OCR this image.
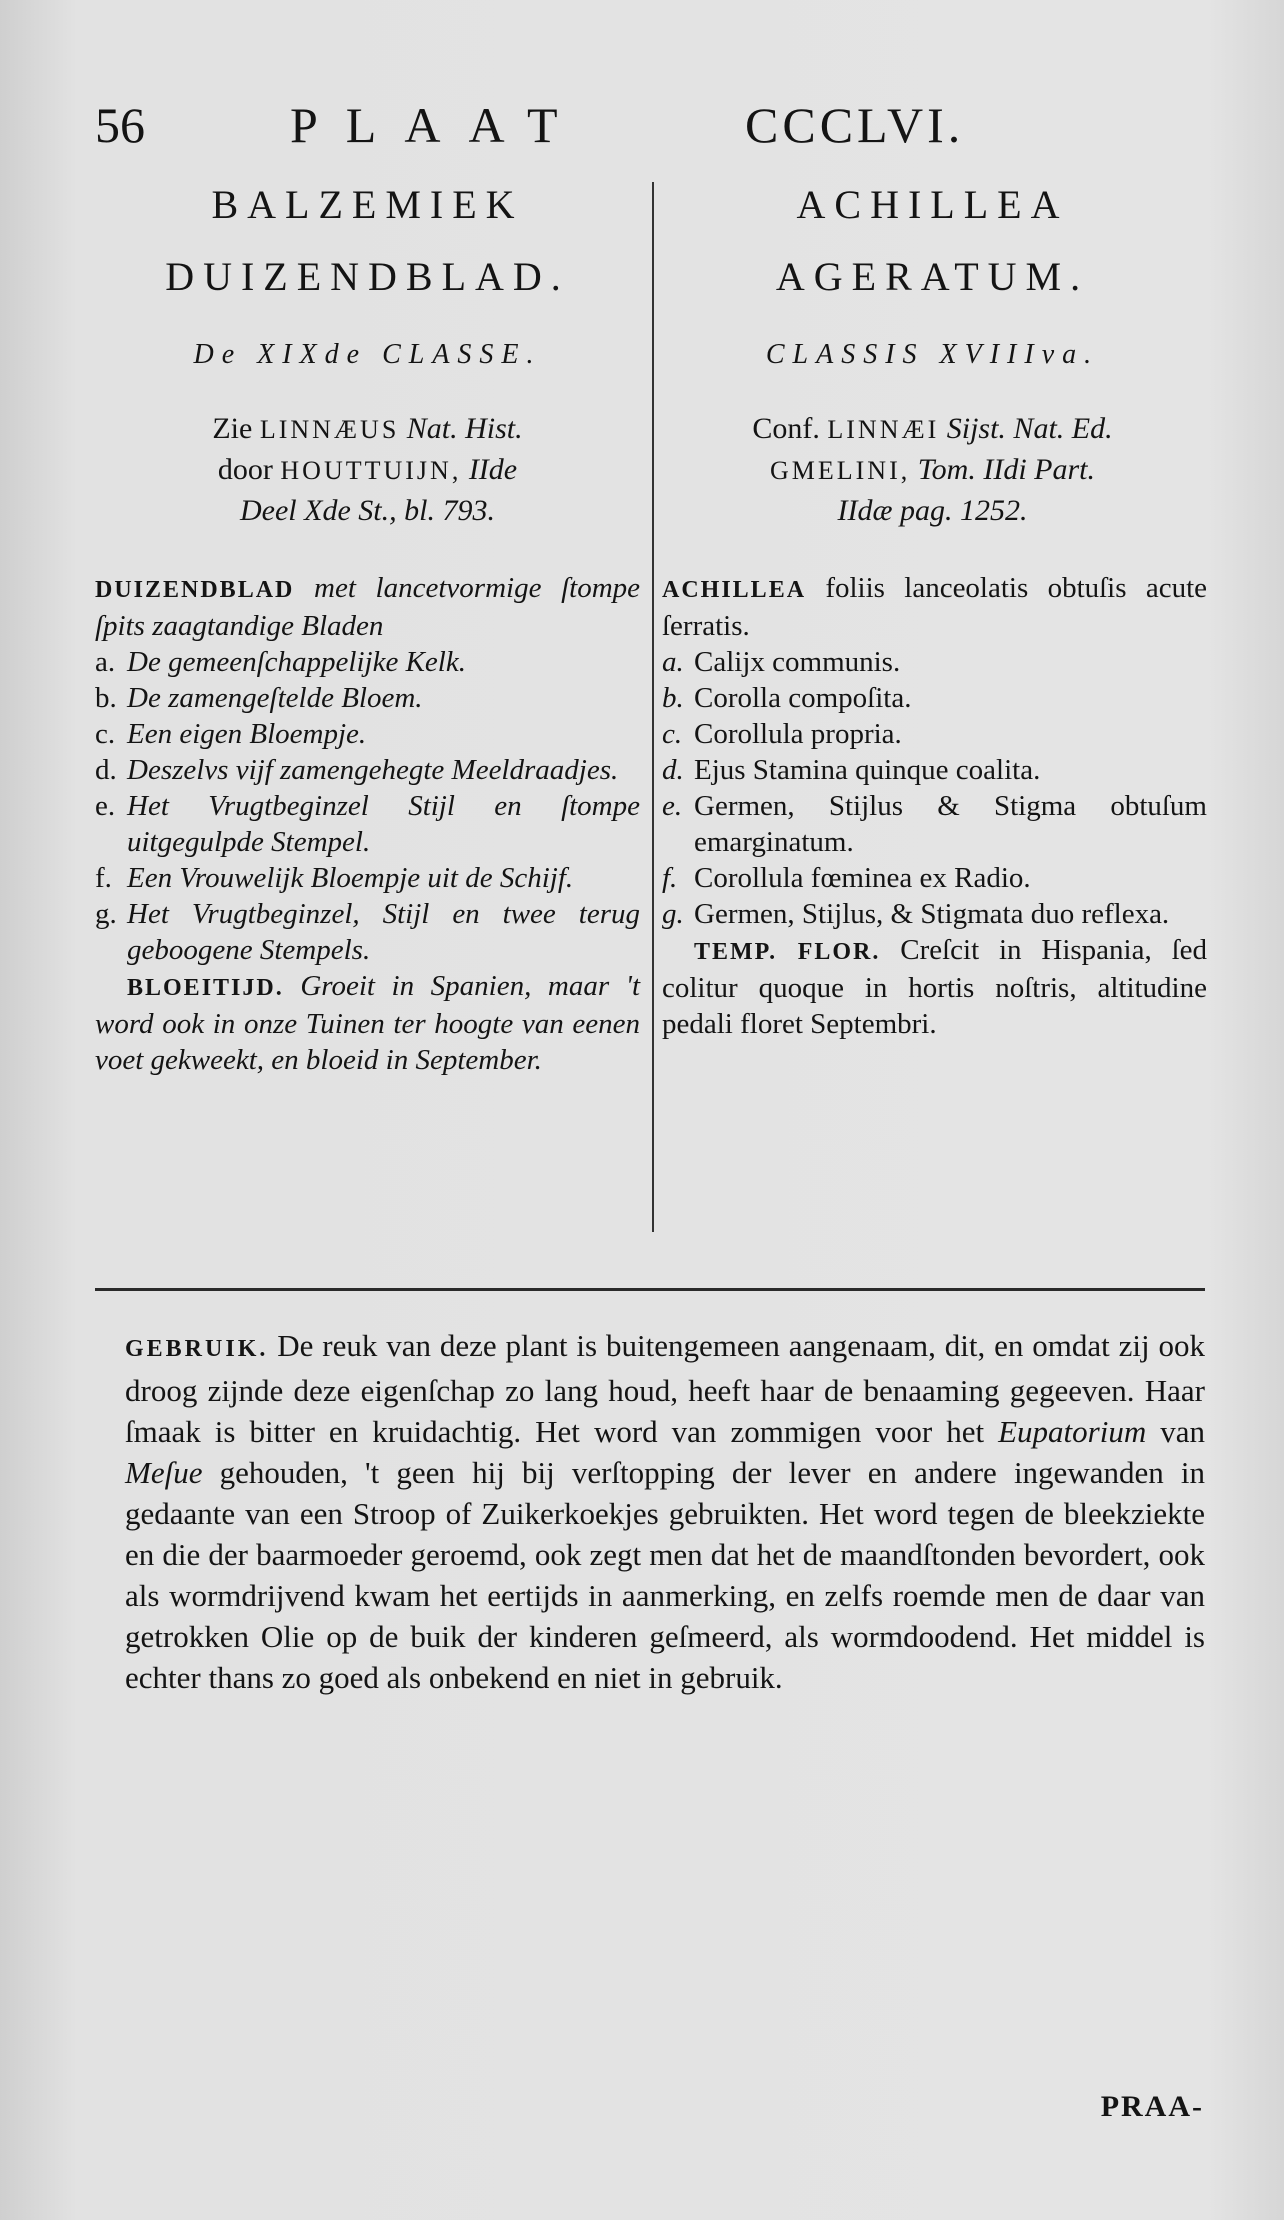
56	PLAAT	CCCLVI.
BALZEMIEK
DUIZENDBLAD.
De XIXde CLASSE.
Zie LINNÆUS Nat. Hist.
door HOUTTUIJN, IIde
Deel Xde St., bl. 793.
DUIZENDBLAD met lancetvormige ſtompe ſpits zaagtandige Bladen
a. De gemeenſchappelijke Kelk.
b. De zamengeſtelde Bloem.
c. Een eigen Bloempje.
d. Deszelvs vijf zamengehegte Meeldraadjes.
e. Het Vrugtbeginzel Stijl en ſtompe uitgegulpde Stempel.
f. Een Vrouwelijk Bloempje uit de Schijf.
g. Het Vrugtbeginzel, Stijl en twee terug geboogene Stempels.
BLOEITIJD. Groeit in Spanien, maar 't word ook in onze Tuinen ter hoogte van eenen voet gekweekt, en bloeid in September.
ACHILLEA
AGERATUM.
CLASSIS XVIIIva.
Conf. LINNÆI Sijst. Nat. Ed.
GMELINI, Tom. IIdi Part.
IIdæ pag. 1252.
ACHILLEA foliis lanceolatis obtuſis acute ſerratis.
a. Calijx communis.
b. Corolla compoſita.
c. Corollula propria.
d. Ejus Stamina quinque coalita.
e. Germen, Stijlus & Stigma obtuſum emarginatum.
f. Corollula fœminea ex Radio.
g. Germen, Stijlus, & Stigmata duo reflexa.
TEMP. FLOR. Creſcit in Hispania, ſed colitur quoque in hortis noſtris, altitudine pedali floret Septembri.
GEBRUIK. De reuk van deze plant is buitengemeen aangenaam, dit, en omdat zij ook droog zijnde deze eigenſchap zo lang houd, heeft haar de benaaming gegeeven. Haar ſmaak is bitter en kruidachtig. Het word van zommigen voor het Eupatorium van Meſue gehouden, 't geen hij bij verſtopping der lever en andere ingewanden in gedaante van een Stroop of Zuikerkoekjes gebruikten. Het word tegen de bleekziekte en die der baarmoeder geroemd, ook zegt men dat het de maandſtonden bevordert, ook als wormdrijvend kwam het eertijds in aanmerking, en zelfs roemde men de daar van getrokken Olie op de buik der kinderen geſmeerd, als wormdoodend. Het middel is echter thans zo goed als onbekend en niet in gebruik.
PRAA-
